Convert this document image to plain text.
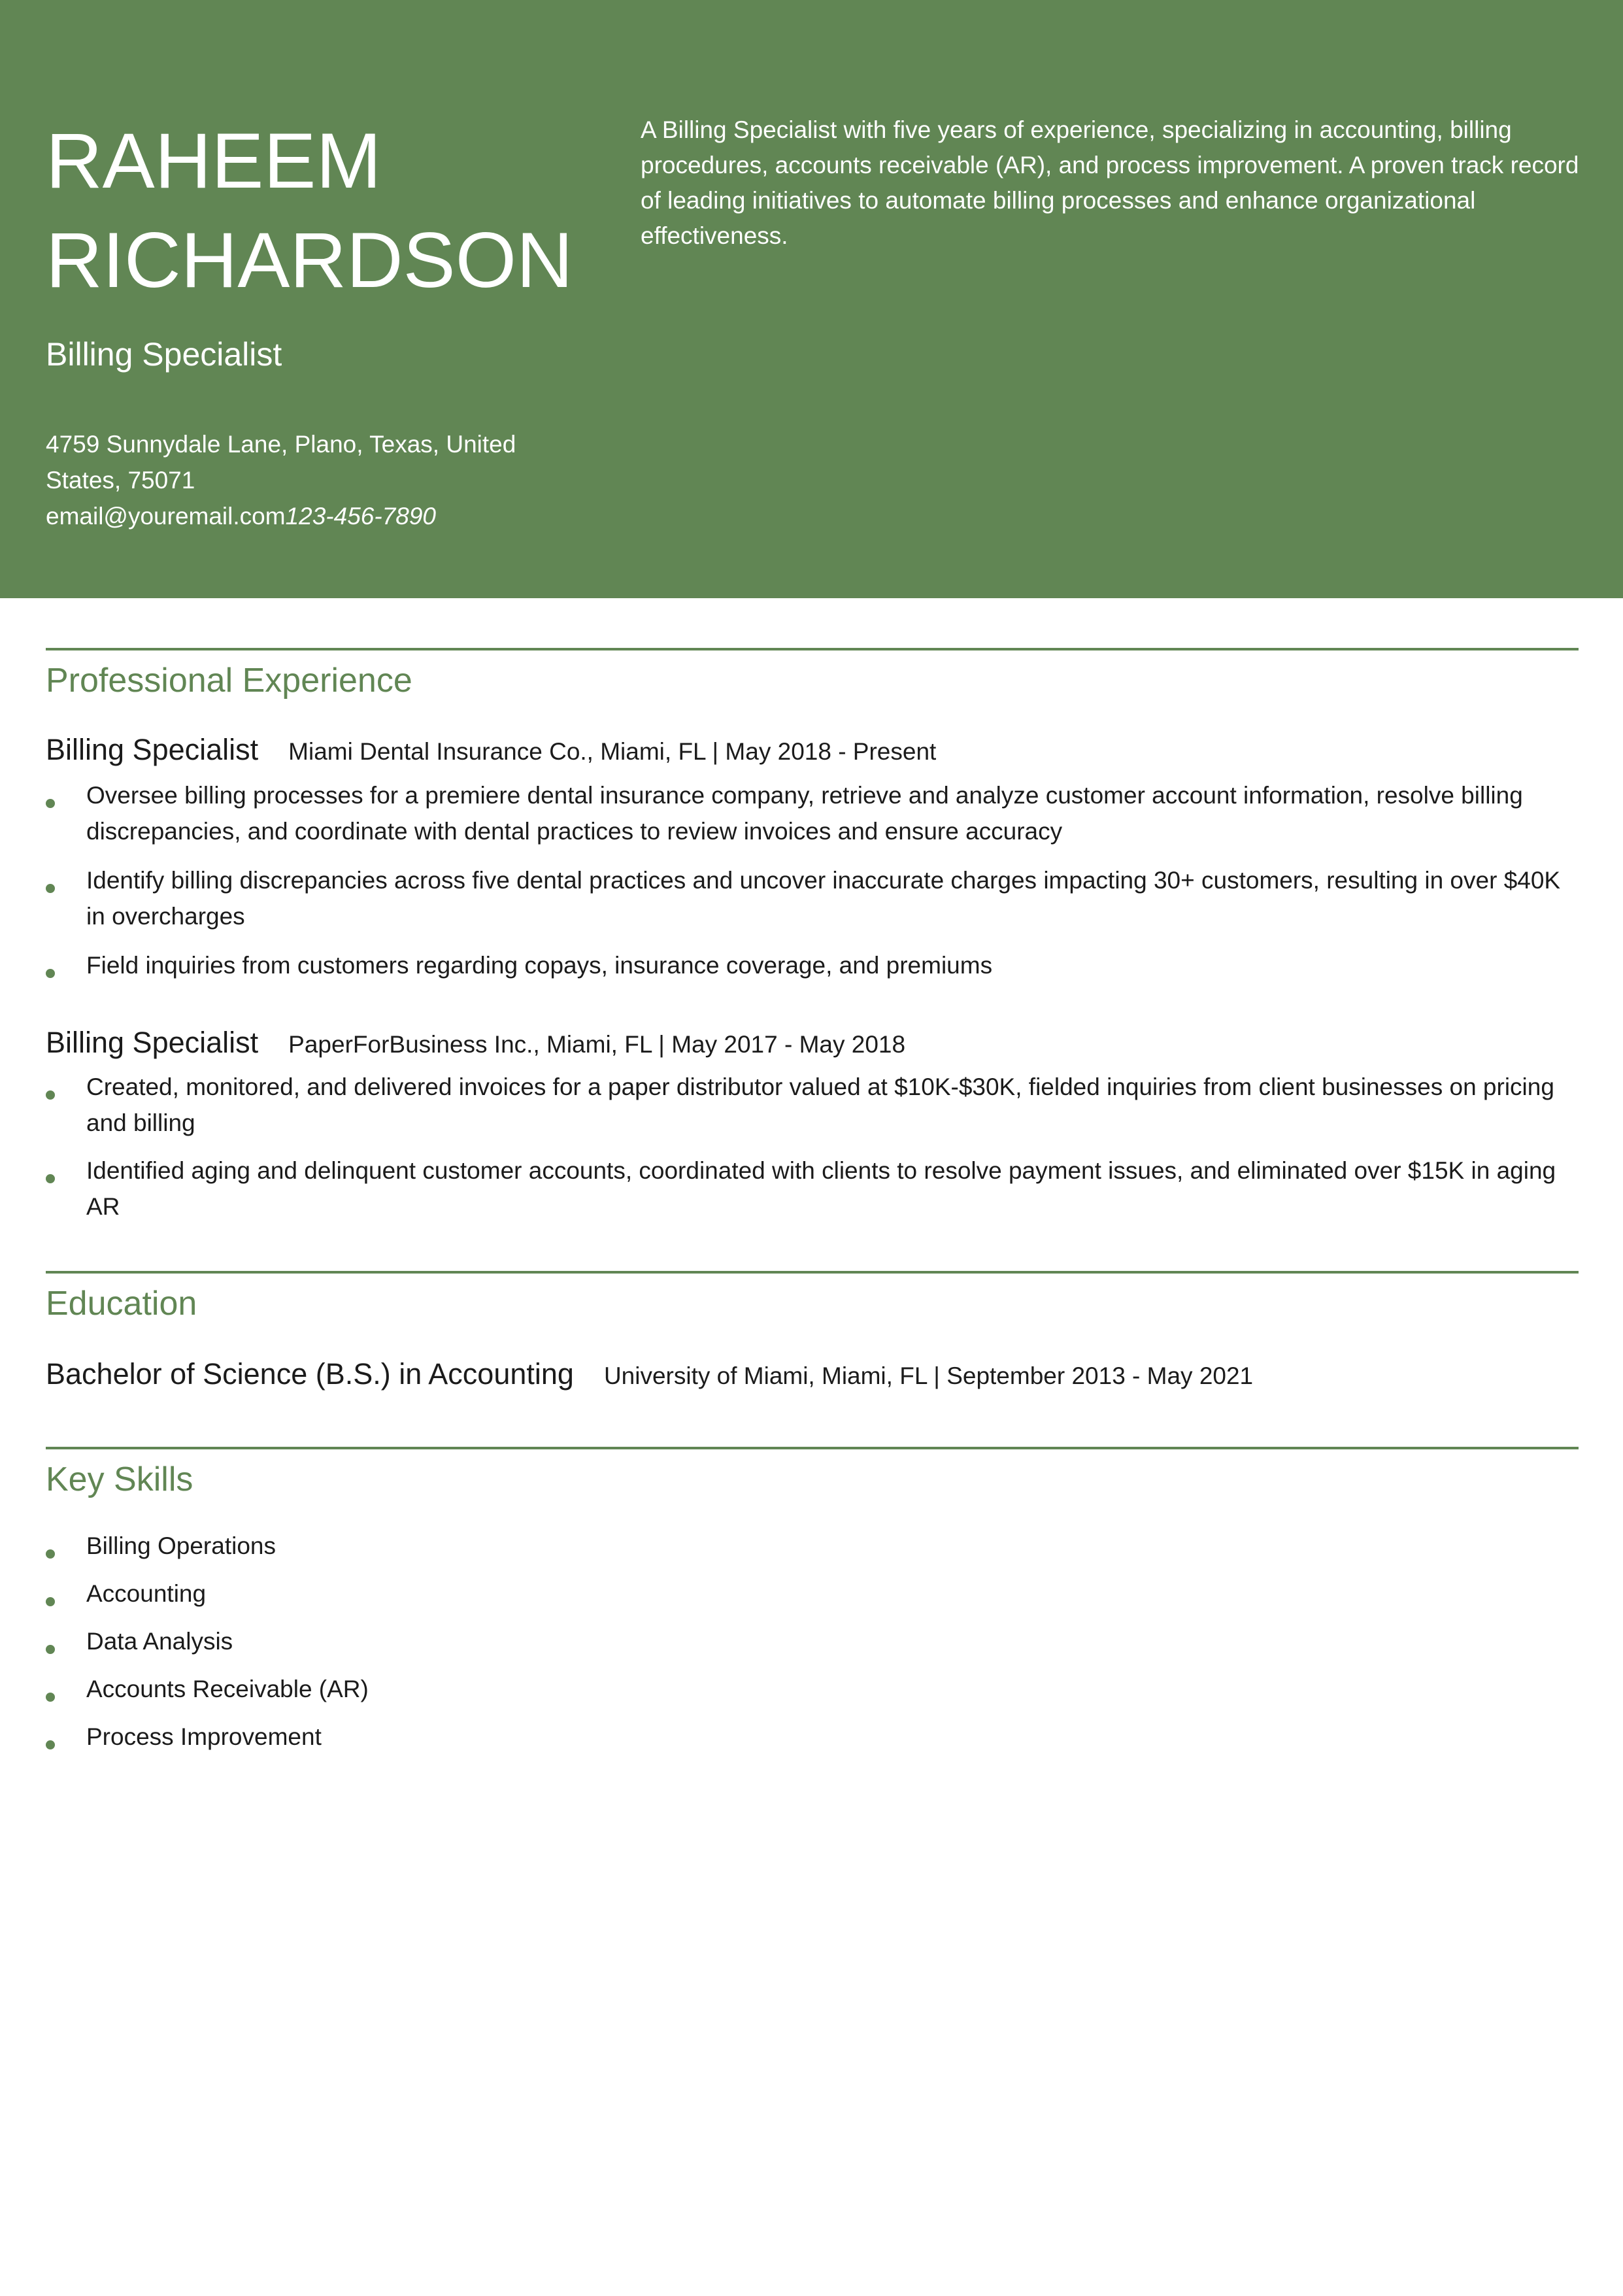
RAHEEM
RICHARDSON
Billing Specialist
4759 Sunnydale Lane, Plano, Texas, United States, 75071
email@youremail.com123-456-7890
A Billing Specialist with five years of experience, specializing in accounting, billing procedures, accounts receivable (AR), and process improvement. A proven track record of leading initiatives to automate billing processes and enhance organizational effectiveness.
Professional Experience
Billing Specialist Miami Dental Insurance Co., Miami, FL | May 2018 - Present
Oversee billing processes for a premiere dental insurance company, retrieve and analyze customer account information, resolve billing discrepancies, and coordinate with dental practices to review invoices and ensure accuracy
Identify billing discrepancies across five dental practices and uncover inaccurate charges impacting 30+ customers, resulting in over $40K in overcharges
Field inquiries from customers regarding copays, insurance coverage, and premiums
Billing Specialist PaperForBusiness Inc., Miami, FL | May 2017 - May 2018
Created, monitored, and delivered invoices for a paper distributor valued at $10K-$30K, fielded inquiries from client businesses on pricing and billing
Identified aging and delinquent customer accounts, coordinated with clients to resolve payment issues, and eliminated over $15K in aging AR
Education
Bachelor of Science (B.S.) in Accounting University of Miami, Miami, FL | September 2013 - May 2021
Key Skills
Billing Operations
Accounting
Data Analysis
Accounts Receivable (AR)
Process Improvement
